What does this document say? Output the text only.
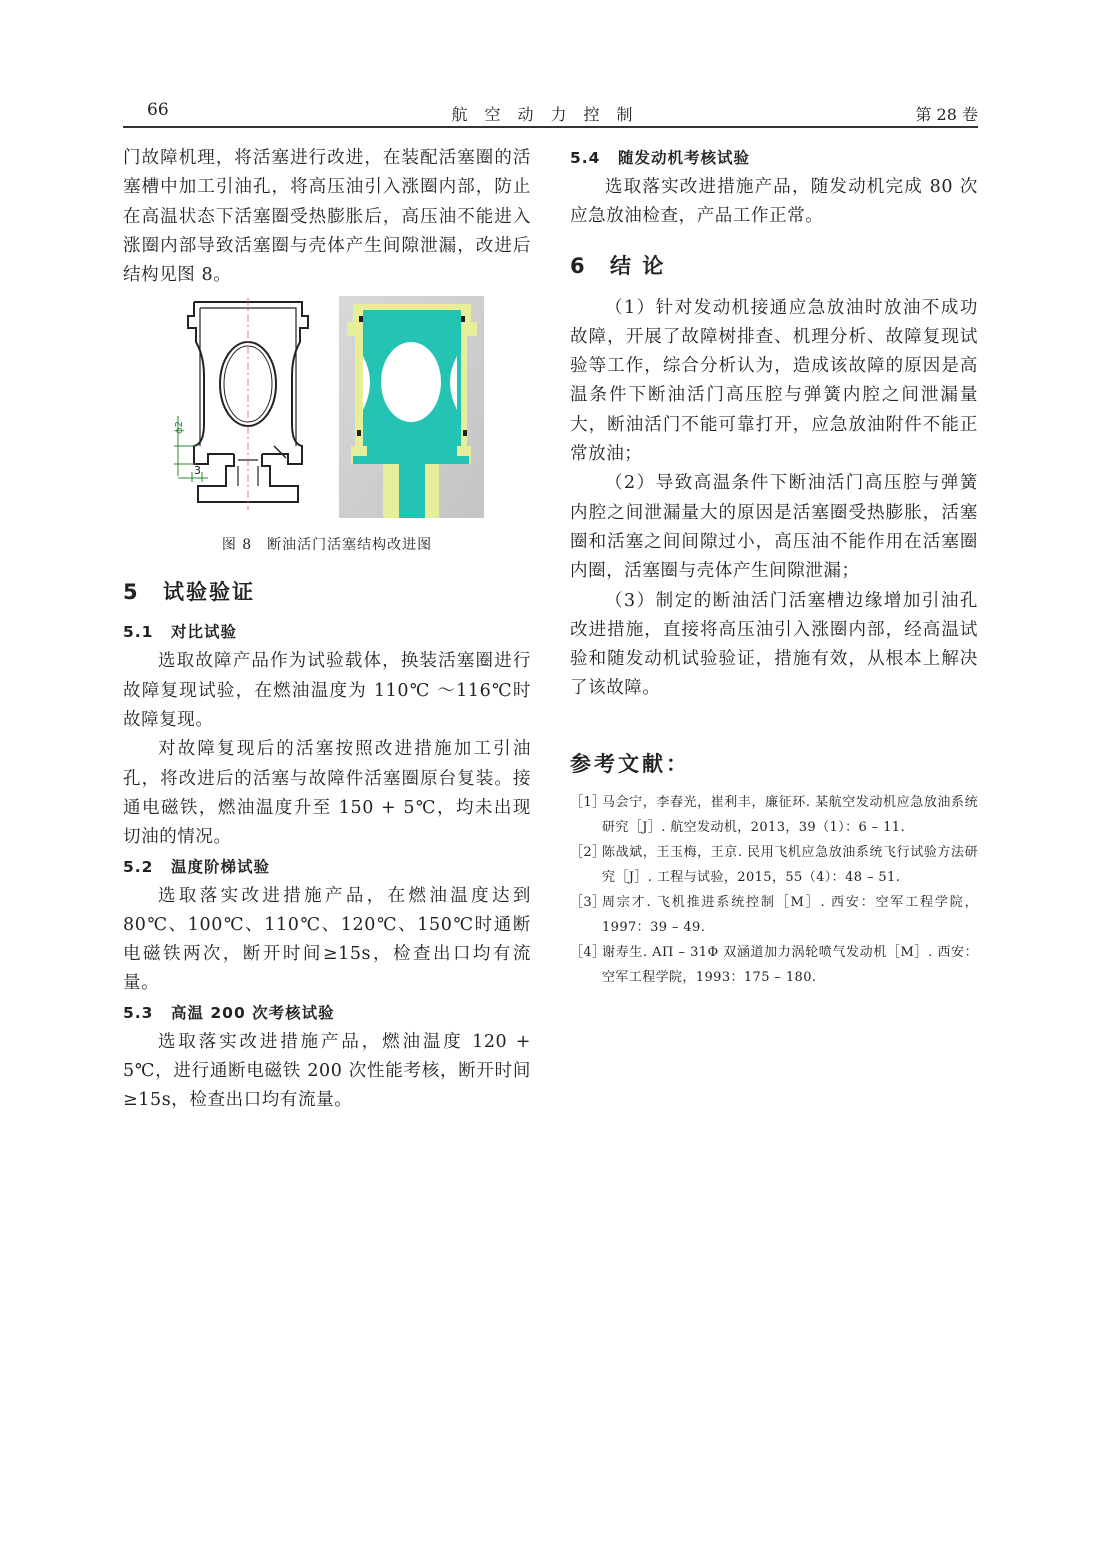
66	航空动力控制	第 28 卷

门故障机理，将活塞进行改进，在装配活塞圈的活塞槽中加工引油孔，将高压油引入涨圈内部，防止在高温状态下活塞圈受热膨胀后，高压油不能进入涨圈内部导致活塞圈与壳体产生间隙泄漏，改进后结构见图 8。

ϕ2
3
图 8　断油活门活塞结构改进图
5 试验验证
5.1 对比试验

选取故障产品作为试验载体，换装活塞圈进行故障复现试验，在燃油温度为 110℃ ～116℃时故障复现。

对故障复现后的活塞按照改进措施加工引油孔，将改进后的活塞与故障件活塞圈原台复装。接通电磁铁，燃油温度升至 150 + 5℃，均未出现切油的情况。

5.2 温度阶梯试验

选取落实改进措施产品，在燃油温度达到 80℃、100℃、110℃、120℃、150℃时通断电磁铁两次，断开时间≥15s，检查出口均有流量。

5.3 高温 200 次考核试验

选取落实改进措施产品，燃油温度 120 + 5℃，进行通断电磁铁 200 次性能考核，断开时间≥15s，检查出口均有流量。

5.4 随发动机考核试验

选取落实改进措施产品，随发动机完成 80 次应急放油检查，产品工作正常。

6 结 论

（1）针对发动机接通应急放油时放油不成功故障，开展了故障树排查、机理分析、故障复现试验等工作，综合分析认为，造成该故障的原因是高温条件下断油活门高压腔与弹簧内腔之间泄漏量大，断油活门不能可靠打开，应急放油附件不能正常放油；

（2）导致高温条件下断油活门高压腔与弹簧内腔之间泄漏量大的原因是活塞圈受热膨胀，活塞圈和活塞之间间隙过小，高压油不能作用在活塞圈内圈，活塞圈与壳体产生间隙泄漏；

（3）制定的断油活门活塞槽边缘增加引油孔改进措施，直接将高压油引入涨圈内部，经高温试验和随发动机试验验证，措施有效，从根本上解决了该故障。

参考文献：
［1］
马会宁，李春光，崔利丰，廉征环. 某航空发动机应急放油系统研究［J］. 航空发动机，2013，39（1）：6 – 11.
［2］
陈战斌，王玉梅，王京. 民用飞机应急放油系统飞行试验方法研究［J］. 工程与试验，2015，55（4）：48 – 51.
［3］
周宗才. 飞机推进系统控制［M］. 西安：空军工程学院，1997：39 – 49.
［4］
谢寿生. AΠ – 31Φ 双涵道加力涡轮喷气发动机［M］. 西安：空军工程学院，1993：175 – 180.
